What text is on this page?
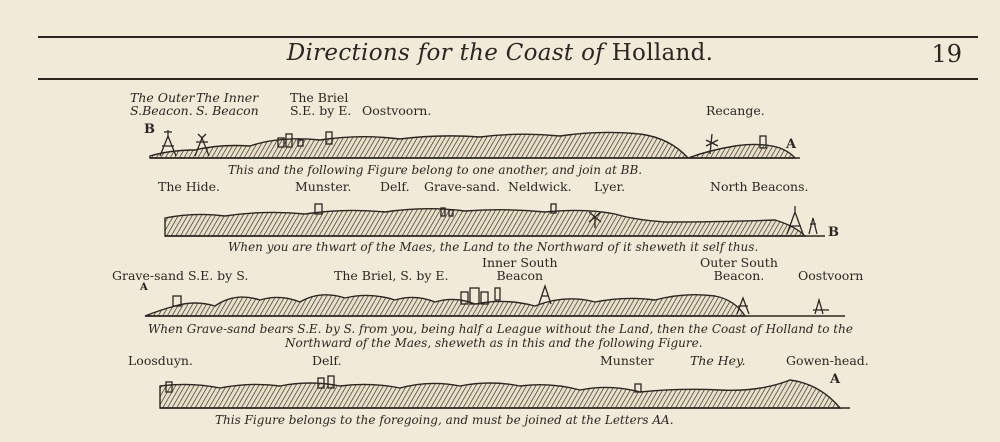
Directions for the Coast of Holland.	19
The Outer
S.Beacon.
The Inner
S. Beacon
The Briel
S.E. by E. Oostvoorn.	Recange.
B
A
This and the following Figure belong to one another, and join at BB.
The Hide.	Munster. Delf. Grave-sand. Neldwick. Lyer.	North Beacons.
B
When you are thwart of the Maes, the Land to the Northward of it sheweth it self thus.
Inner South
Beacon
Outer South
Beacon.
Grave-sand S.E. by S.	The Briel, S. by E.	Oostvoorn
A
When Grave-sand bears S.E. by S. from you, being half a League without the Land, then the Coast of Holland to the
Northward of the Maes, sheweth as in this and the following Figure.
Loosduyn.	Delf.	Munster	The Hey.	Gowen-head.
A
This Figure belongs to the foregoing, and must be joined at the Letters AA.
